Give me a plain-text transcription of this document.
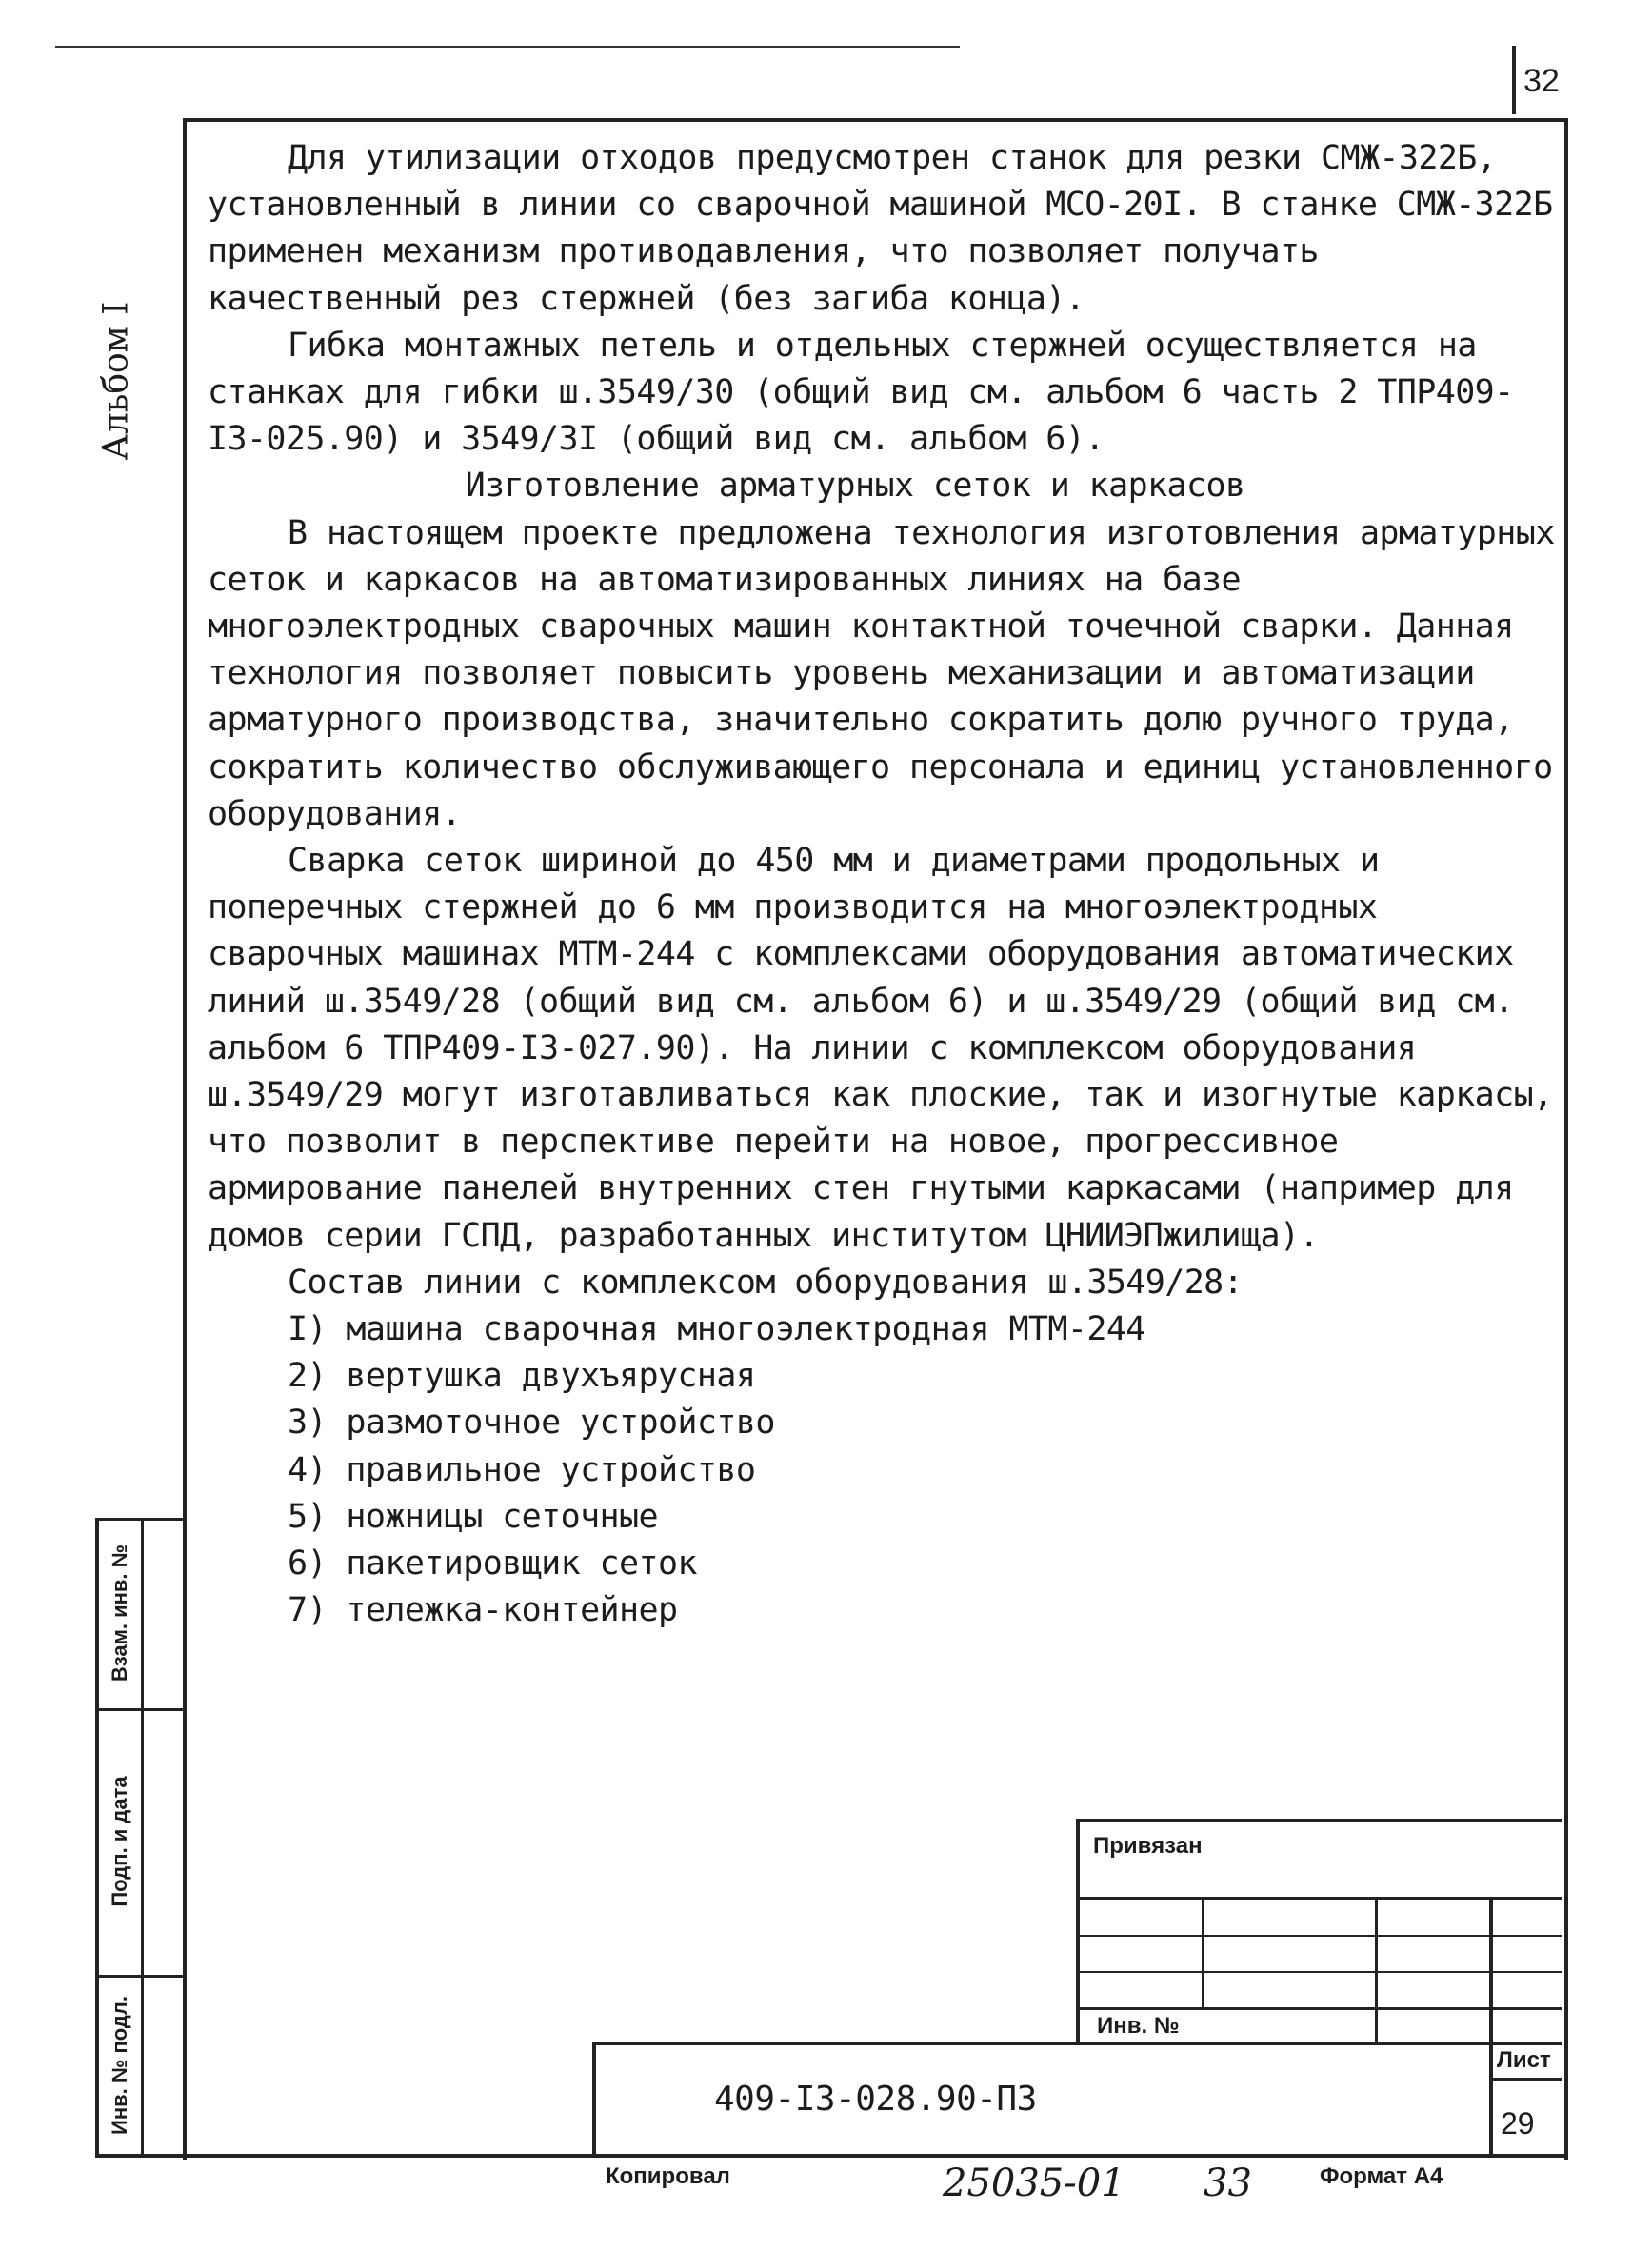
32
Альбом I

Для утилизации отходов предусмотрен станок для резки СМЖ-322Б, установленный в линии со сварочной машиной МСО-20I. В станке СМЖ-322Б применен механизм противодавления, что позволяет получать качественный рез стержней (без загиба конца).

Гибка монтажных петель и отдельных стержней осуществляется на станках для гибки ш.3549/30 (общий вид см. альбом 6 часть 2 ТПР409-I3-025.90) и 3549/3I (общий вид см. альбом 6).

Изготовление арматурных сеток и каркасов

В настоящем проекте предложена технология изготовления арматурных сеток и каркасов на автоматизированных линиях на базе многоэлектродных сварочных машин контактной точечной сварки. Данная технология позволяет повысить уровень механизации и автоматизации арматурного производства, значительно сократить долю ручного труда, сократить количество обслуживающего персонала и единиц установленного оборудования.

Сварка сеток шириной до 450 мм и диаметрами продольных и поперечных стержней до 6 мм производится на многоэлектродных сварочных машинах МТМ-244 с комплексами оборудования автоматических линий ш.3549/28 (общий вид см. альбом 6) и ш.3549/29 (общий вид см. альбом 6 ТПР409-I3-027.90). На линии с комплексом оборудования ш.3549/29 могут изготавливаться как плоские, так и изогнутые каркасы, что позволит в перспективе перейти на новое, прогрессивное армирование панелей внутренних стен гнутыми каркасами (например для домов серии ГСПД, разработанных институтом ЦНИИЭПжилища).

Состав линии с комплексом оборудования ш.3549/28:

I) машина сварочная многоэлектродная МТМ-244

2) вертушка двухъярусная

3) размоточное устройство

4) правильное устройство

5) ножницы сеточные

6) пакетировщик сеток

7) тележка-контейнер

Взам. инв. №
Подп. и дата
Инв. № подл.
Привязан
Инв. №
409-I3-028.90-ПЗ
Лист
29
Копировал	25035-01 33	Формат А4
